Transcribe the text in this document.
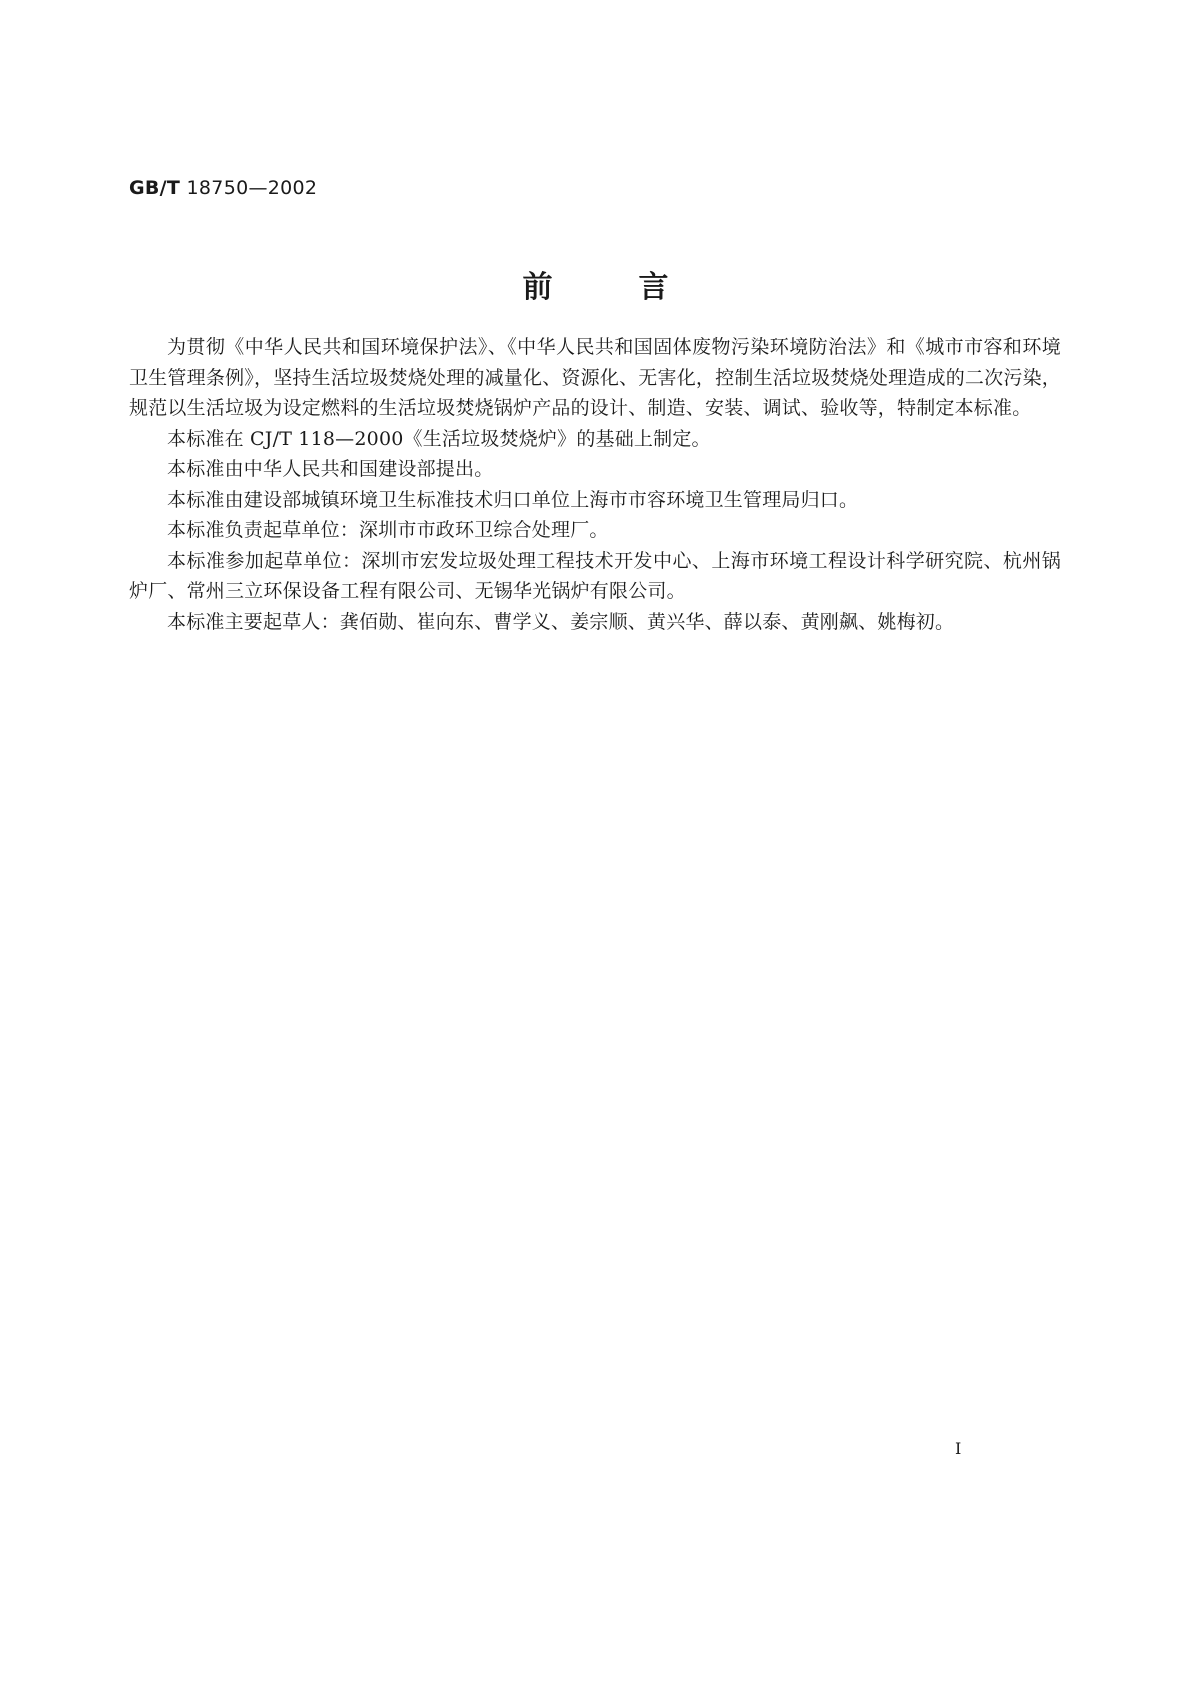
GB/T 18750—2002
前	言

为贯彻《中华人民共和国环境保护法》、《中华人民共和国固体废物污染环境防治法》和《城市市容和环境卫生管理条例》，坚持生活垃圾焚烧处理的减量化、资源化、无害化，控制生活垃圾焚烧处理造成的二次污染，规范以生活垃圾为设定燃料的生活垃圾焚烧锅炉产品的设计、制造、安装、调试、验收等，特制定本标准。

本标准在 CJ/T 118—2000《生活垃圾焚烧炉》的基础上制定。

本标准由中华人民共和国建设部提出。

本标准由建设部城镇环境卫生标准技术归口单位上海市市容环境卫生管理局归口。

本标准负责起草单位：深圳市市政环卫综合处理厂。

本标准参加起草单位：深圳市宏发垃圾处理工程技术开发中心、上海市环境工程设计科学研究院、杭州锅炉厂、常州三立环保设备工程有限公司、无锡华光锅炉有限公司。

本标准主要起草人：龚佰勋、崔向东、曹学义、姜宗顺、黄兴华、薛以泰、黄刚飙、姚梅初。

I
